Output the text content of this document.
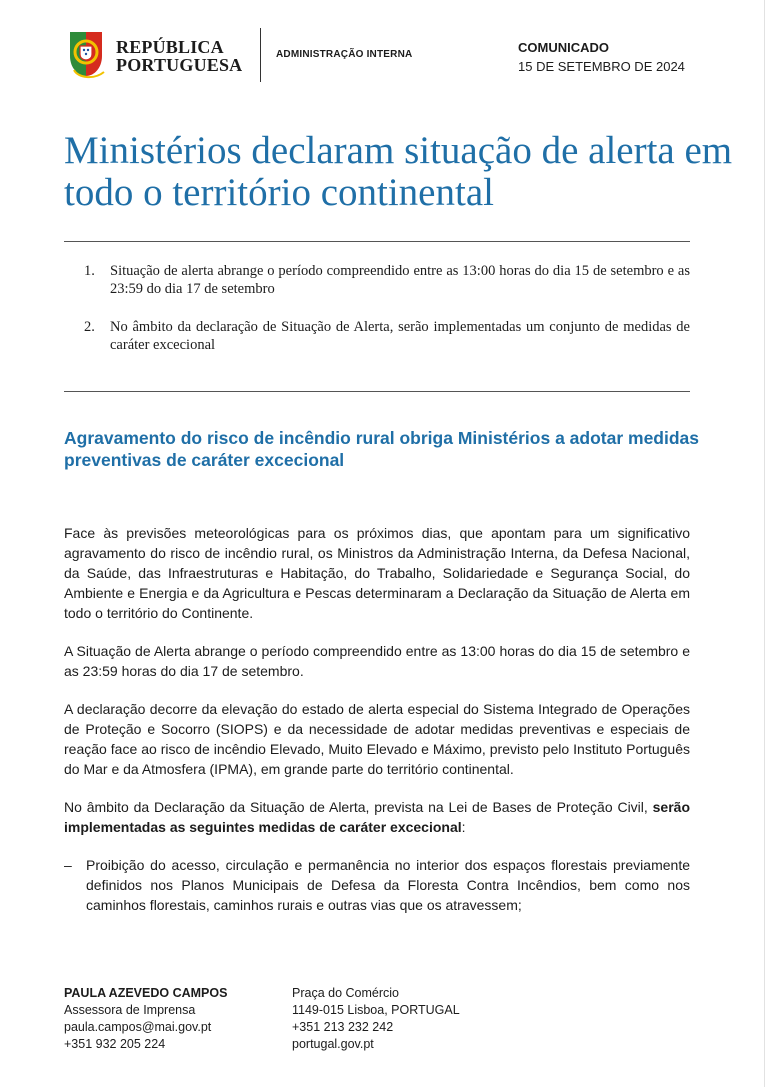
REPÚBLICA
PORTUGUESA
ADMINISTRAÇÃO INTERNA	COMUNICADO
15 DE SETEMBRO DE 2024
Ministérios declaram situação de alerta em todo o território continental
1. Situação de alerta abrange o período compreendido entre as 13:00 horas do dia 15 de setembro e as 23:59 do dia 17 de setembro
2. No âmbito da declaração de Situação de Alerta, serão implementadas um conjunto de medidas de caráter excecional
Agravamento do risco de incêndio rural obriga Ministérios a adotar medidas preventivas de caráter excecional

Face às previsões meteorológicas para os próximos dias, que apontam para um significativo agravamento do risco de incêndio rural, os Ministros da Administração Interna, da Defesa Nacional, da Saúde, das Infraestruturas e Habitação, do Trabalho, Solidariedade e Segurança Social, do Ambiente e Energia e da Agricultura e Pescas determinaram a Declaração da Situação de Alerta em todo o território do Continente.

A Situação de Alerta abrange o período compreendido entre as 13:00 horas do dia 15 de setembro e as 23:59 horas do dia 17 de setembro.

A declaração decorre da elevação do estado de alerta especial do Sistema Integrado de Operações de Proteção e Socorro (SIOPS) e da necessidade de adotar medidas preventivas e especiais de reação face ao risco de incêndio Elevado, Muito Elevado e Máximo, previsto pelo Instituto Português do Mar e da Atmosfera (IPMA), em grande parte do território continental.

No âmbito da Declaração da Situação de Alerta, prevista na Lei de Bases de Proteção Civil, serão implementadas as seguintes medidas de caráter excecional:

– Proibição do acesso, circulação e permanência no interior dos espaços florestais previamente definidos nos Planos Municipais de Defesa da Floresta Contra Incêndios, bem como nos caminhos florestais, caminhos rurais e outras vias que os atravessem;
PAULA AZEVEDO CAMPOS
Assessora de Imprensa
paula.campos@mai.gov.pt
+351 932 205 224
Praça do Comércio
1149-015 Lisboa, PORTUGAL
+351 213 232 242
portugal.gov.pt
